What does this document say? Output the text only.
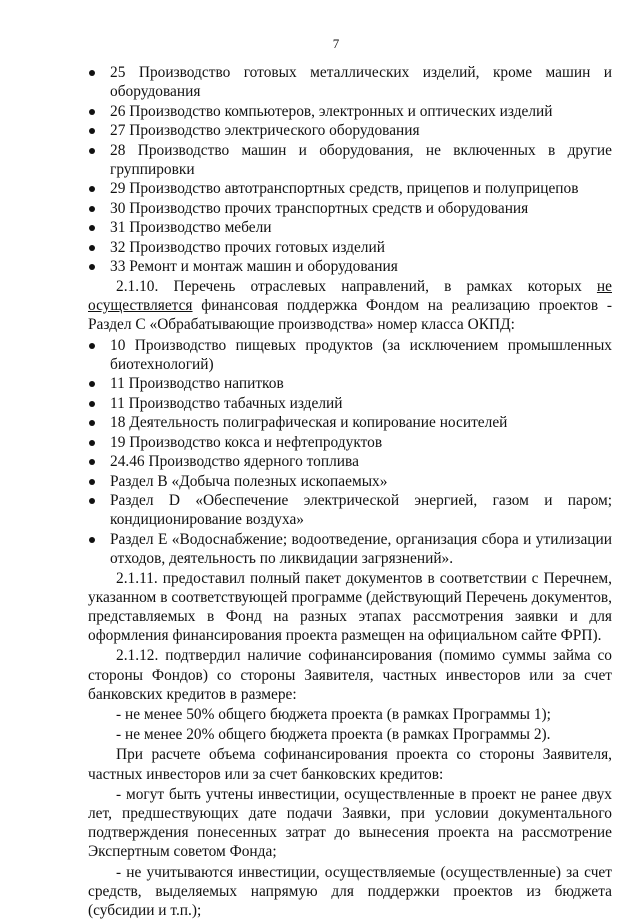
7
25 Производство готовых металлических изделий, кроме машин и оборудования
26 Производство компьютеров, электронных и оптических изделий
27 Производство электрического оборудования
28 Производство машин и оборудования, не включенных в другие группировки
29 Производство автотранспортных средств, прицепов и полуприцепов
30 Производство прочих транспортных средств и оборудования
31 Производство мебели
32 Производство прочих готовых изделий
33 Ремонт и монтаж машин и оборудования

2.1.10. Перечень отраслевых направлений, в рамках которых не осуществляется финансовая поддержка Фондом на реализацию проектов - Раздел С «Обрабатывающие производства» номер класса ОКПД:

10 Производство пищевых продуктов (за исключением промышленных биотехнологий)
11 Производство напитков
11 Производство табачных изделий
18 Деятельность полиграфическая и копирование носителей
19 Производство кокса и нефтепродуктов
24.46 Производство ядерного топлива
Раздел B «Добыча полезных ископаемых»
Раздел D «Обеспечение электрической энергией, газом и паром; кондиционирование воздуха»
Раздел E «Водоснабжение; водоотведение, организация сбора и утилизации отходов, деятельность по ликвидации загрязнений».

2.1.11. предоставил полный пакет документов в соответствии с Перечнем, указанном в соответствующей программе (действующий Перечень документов, представляемых в Фонд на разных этапах рассмотрения заявки и для оформления финансирования проекта размещен на официальном сайте ФРП).

2.1.12. подтвердил наличие софинансирования (помимо суммы займа со стороны Фондов) со стороны Заявителя, частных инвесторов или за счет банковских кредитов в размере:

- не менее 50% общего бюджета проекта (в рамках Программы 1);

- не менее 20% общего бюджета проекта (в рамках Программы 2).

При расчете объема софинансирования проекта со стороны Заявителя, частных инвесторов или за счет банковских кредитов:

- могут быть учтены инвестиции, осуществленные в проект не ранее двух лет, предшествующих дате подачи Заявки, при условии документального подтверждения понесенных затрат до вынесения проекта на рассмотрение Экспертным советом Фонда;

- не учитываются инвестиции, осуществляемые (осуществленные) за счет средств, выделяемых напрямую для поддержки проектов из бюджета (субсидии и т.п.);
